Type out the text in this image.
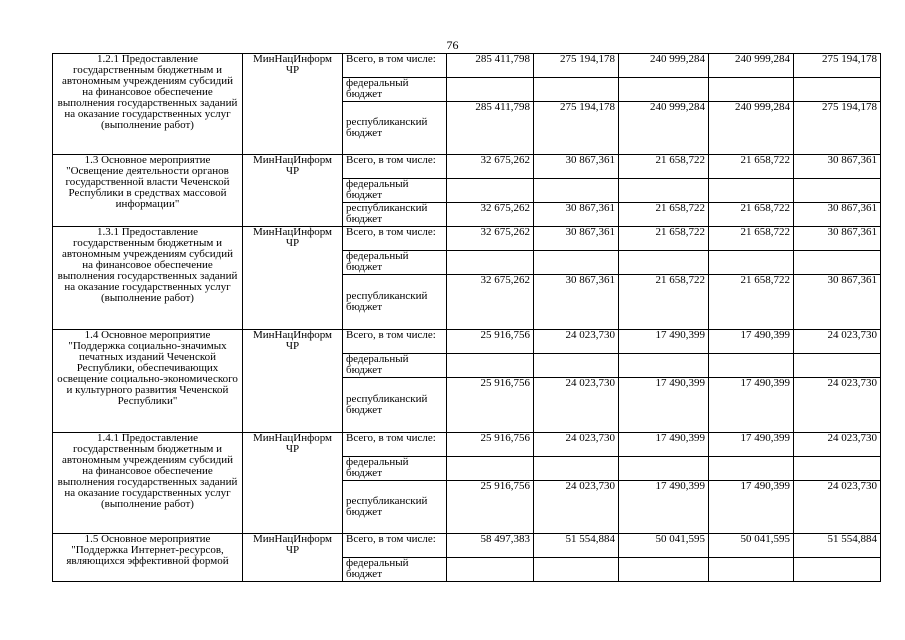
76
1.2.1 Предоставление государственным бюджетным и автономным учреждениям субсидий на финансовое обеспечение выполнения государственных заданий на оказание государственных услуг (выполнение работ)	МинНацИнформ ЧР	Всего, в том числе:	285 411,798	275 194,178	240 999,284	240 999,284	275 194,178
		федеральный бюджет					
		республиканский бюджет	285 411,798	275 194,178	240 999,284	240 999,284	275 194,178
1.3 Основное мероприятие "Освещение деятельности органов государственной власти Чеченской Республики в средствах массовой информации"	МинНацИнформ ЧР	Всего, в том числе:	32 675,262	30 867,361	21 658,722	21 658,722	30 867,361
		федеральный бюджет					
		республиканский бюджет	32 675,262	30 867,361	21 658,722	21 658,722	30 867,361
1.3.1 Предоставление государственным бюджетным и автономным учреждениям субсидий на финансовое обеспечение выполнения государственных заданий на оказание государственных услуг (выполнение работ)	МинНацИнформ ЧР	Всего, в том числе:	32 675,262	30 867,361	21 658,722	21 658,722	30 867,361
		федеральный бюджет					
		республиканский бюджет	32 675,262	30 867,361	21 658,722	21 658,722	30 867,361
1.4 Основное мероприятие "Поддержка социально-значимых печатных изданий Чеченской Республики, обеспечивающих освещение социально-экономического и культурного развития Чеченской Республики"	МинНацИнформ ЧР	Всего, в том числе:	25 916,756	24 023,730	17 490,399	17 490,399	24 023,730
		федеральный бюджет					
		республиканский бюджет	25 916,756	24 023,730	17 490,399	17 490,399	24 023,730
1.4.1 Предоставление государственным бюджетным и автономным учреждениям субсидий на финансовое обеспечение выполнения государственных заданий на оказание государственных услуг (выполнение работ)	МинНацИнформ ЧР	Всего, в том числе:	25 916,756	24 023,730	17 490,399	17 490,399	24 023,730
		федеральный бюджет					
		республиканский бюджет	25 916,756	24 023,730	17 490,399	17 490,399	24 023,730
1.5 Основное мероприятие "Поддержка Интернет-ресурсов, являющихся эффективной формой	МинНацИнформ ЧР	Всего, в том числе:	58 497,383	51 554,884	50 041,595	50 041,595	51 554,884
		федеральный бюджет					
